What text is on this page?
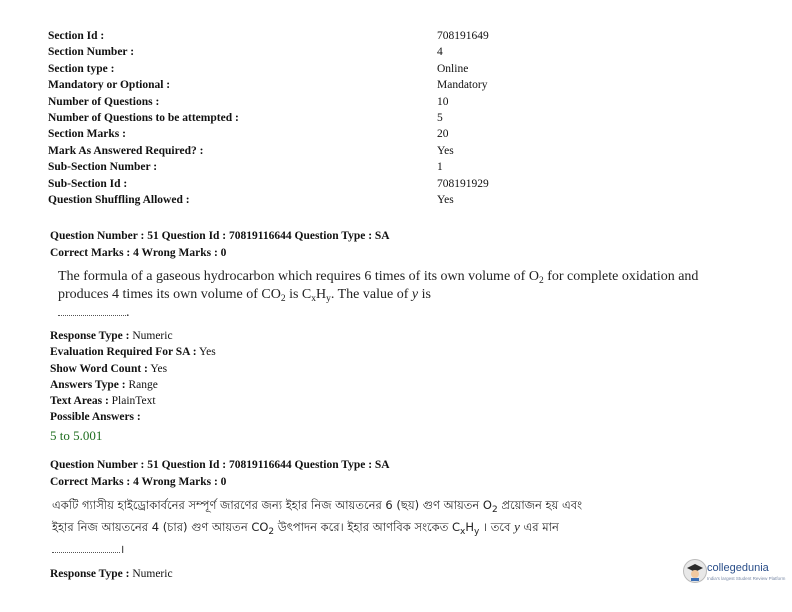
Section Id :	708191649
Section Number :	4
Section type :	Online
Mandatory or Optional :	Mandatory
Number of Questions :	10
Number of Questions to be attempted :	5
Section Marks :	20
Mark As Answered Required? :	Yes
Sub-Section Number :	1
Sub-Section Id :	708191929
Question Shuffling Allowed :	Yes
Question Number : 51 Question Id : 70819116644 Question Type : SA
Correct Marks : 4 Wrong Marks : 0
The formula of a gaseous hydrocarbon which requires 6 times of its own volume of $O_2$ for complete oxidation and produces 4 times its own volume of $CO_2$ is $C_xH_y$. The value of y is
.
Response Type : Numeric
Evaluation Required For SA : Yes
Show Word Count : Yes
Answers Type : Range
Text Areas : PlainText
Possible Answers :
5 to 5.001
Question Number : 51 Question Id : 70819116644 Question Type : SA
Correct Marks : 4 Wrong Marks : 0
একটি গ্যাসীয় হাইড্রোকার্বনের সম্পূর্ণ জারণের জন্য ইহার নিজ আয়তনের 6 (ছয়) গুণ আয়তন $O_2$ প্রয়োজন হয় এবং
ইহার নিজ আয়তনের 4 (চার) গুণ আয়তন $CO_2$ উৎপাদন করে। ইহার আণবিক সংকেত $C_xH_y$ । তবে y এর মান
।
Response Type : Numeric	collegedunia
India's largest Student Review Platform
